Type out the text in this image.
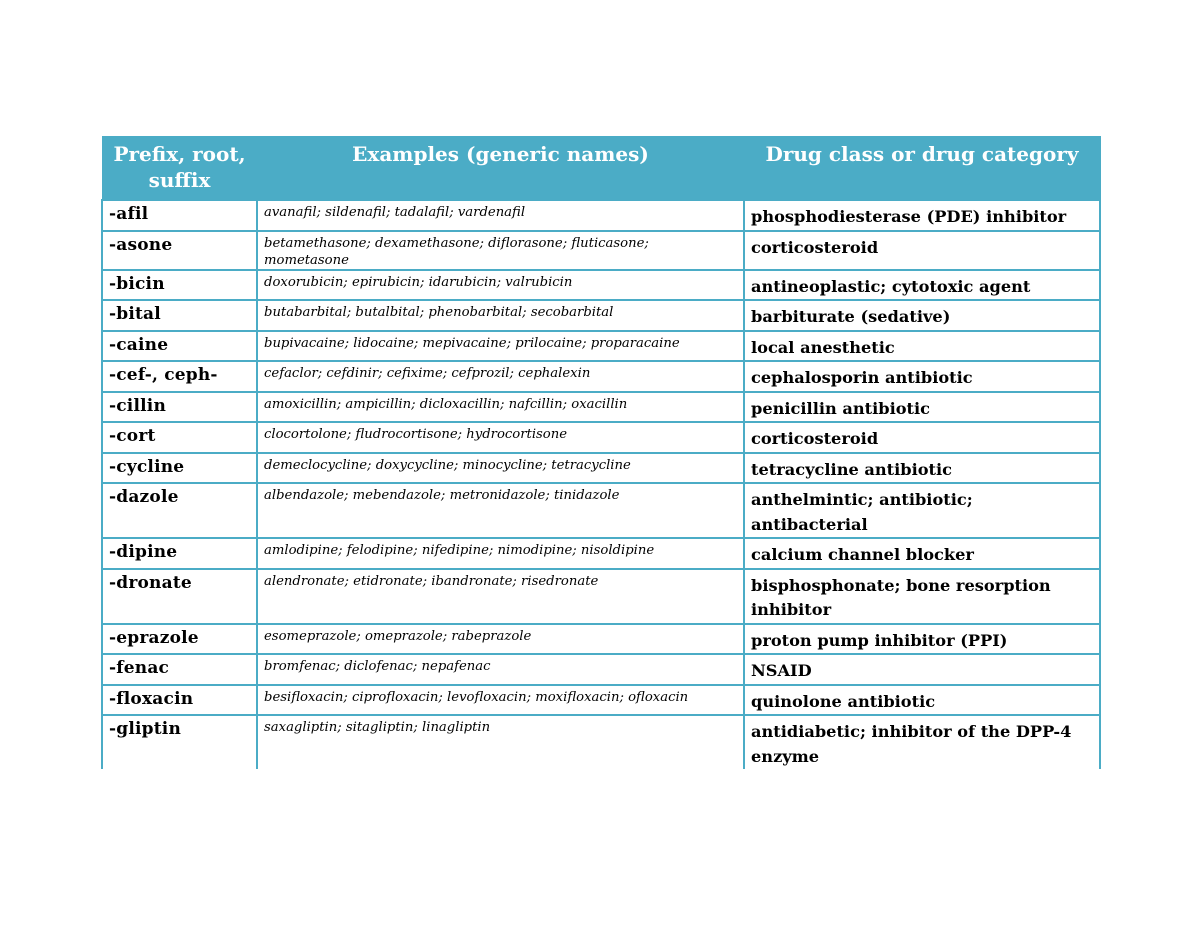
Prefix, root, suffix	Examples (generic names)	Drug class or drug category
-afil	avanafil; sildenafil; tadalafil; vardenafil	phosphodiesterase (PDE) inhibitor
-asone	betamethasone; dexamethasone; diflorasone; fluticasone; mometasone	corticosteroid
-bicin	doxorubicin; epirubicin; idarubicin; valrubicin	antineoplastic; cytotoxic agent
-bital	butabarbital; butalbital; phenobarbital; secobarbital	barbiturate (sedative)
-caine	bupivacaine; lidocaine; mepivacaine; prilocaine; proparacaine	local anesthetic
-cef-, ceph-	cefaclor; cefdinir; cefixime; cefprozil; cephalexin	cephalosporin antibiotic
-cillin	amoxicillin; ampicillin; dicloxacillin; nafcillin; oxacillin	penicillin antibiotic
-cort	clocortolone; fludrocortisone; hydrocortisone	corticosteroid
-cycline	demeclocycline; doxycycline; minocycline; tetracycline	tetracycline antibiotic
-dazole	albendazole; mebendazole; metronidazole; tinidazole	anthelmintic; antibiotic; antibacterial
-dipine	amlodipine; felodipine; nifedipine; nimodipine; nisoldipine	calcium channel blocker
-dronate	alendronate; etidronate; ibandronate; risedronate	bisphosphonate; bone resorption inhibitor
-eprazole	esomeprazole; omeprazole; rabeprazole	proton pump inhibitor (PPI)
-fenac	bromfenac; diclofenac; nepafenac	NSAID
-floxacin	besifloxacin; ciprofloxacin; levofloxacin; moxifloxacin; ofloxacin	quinolone antibiotic
-gliptin	saxagliptin; sitagliptin; linagliptin	antidiabetic; inhibitor of the DPP-4 enzyme
